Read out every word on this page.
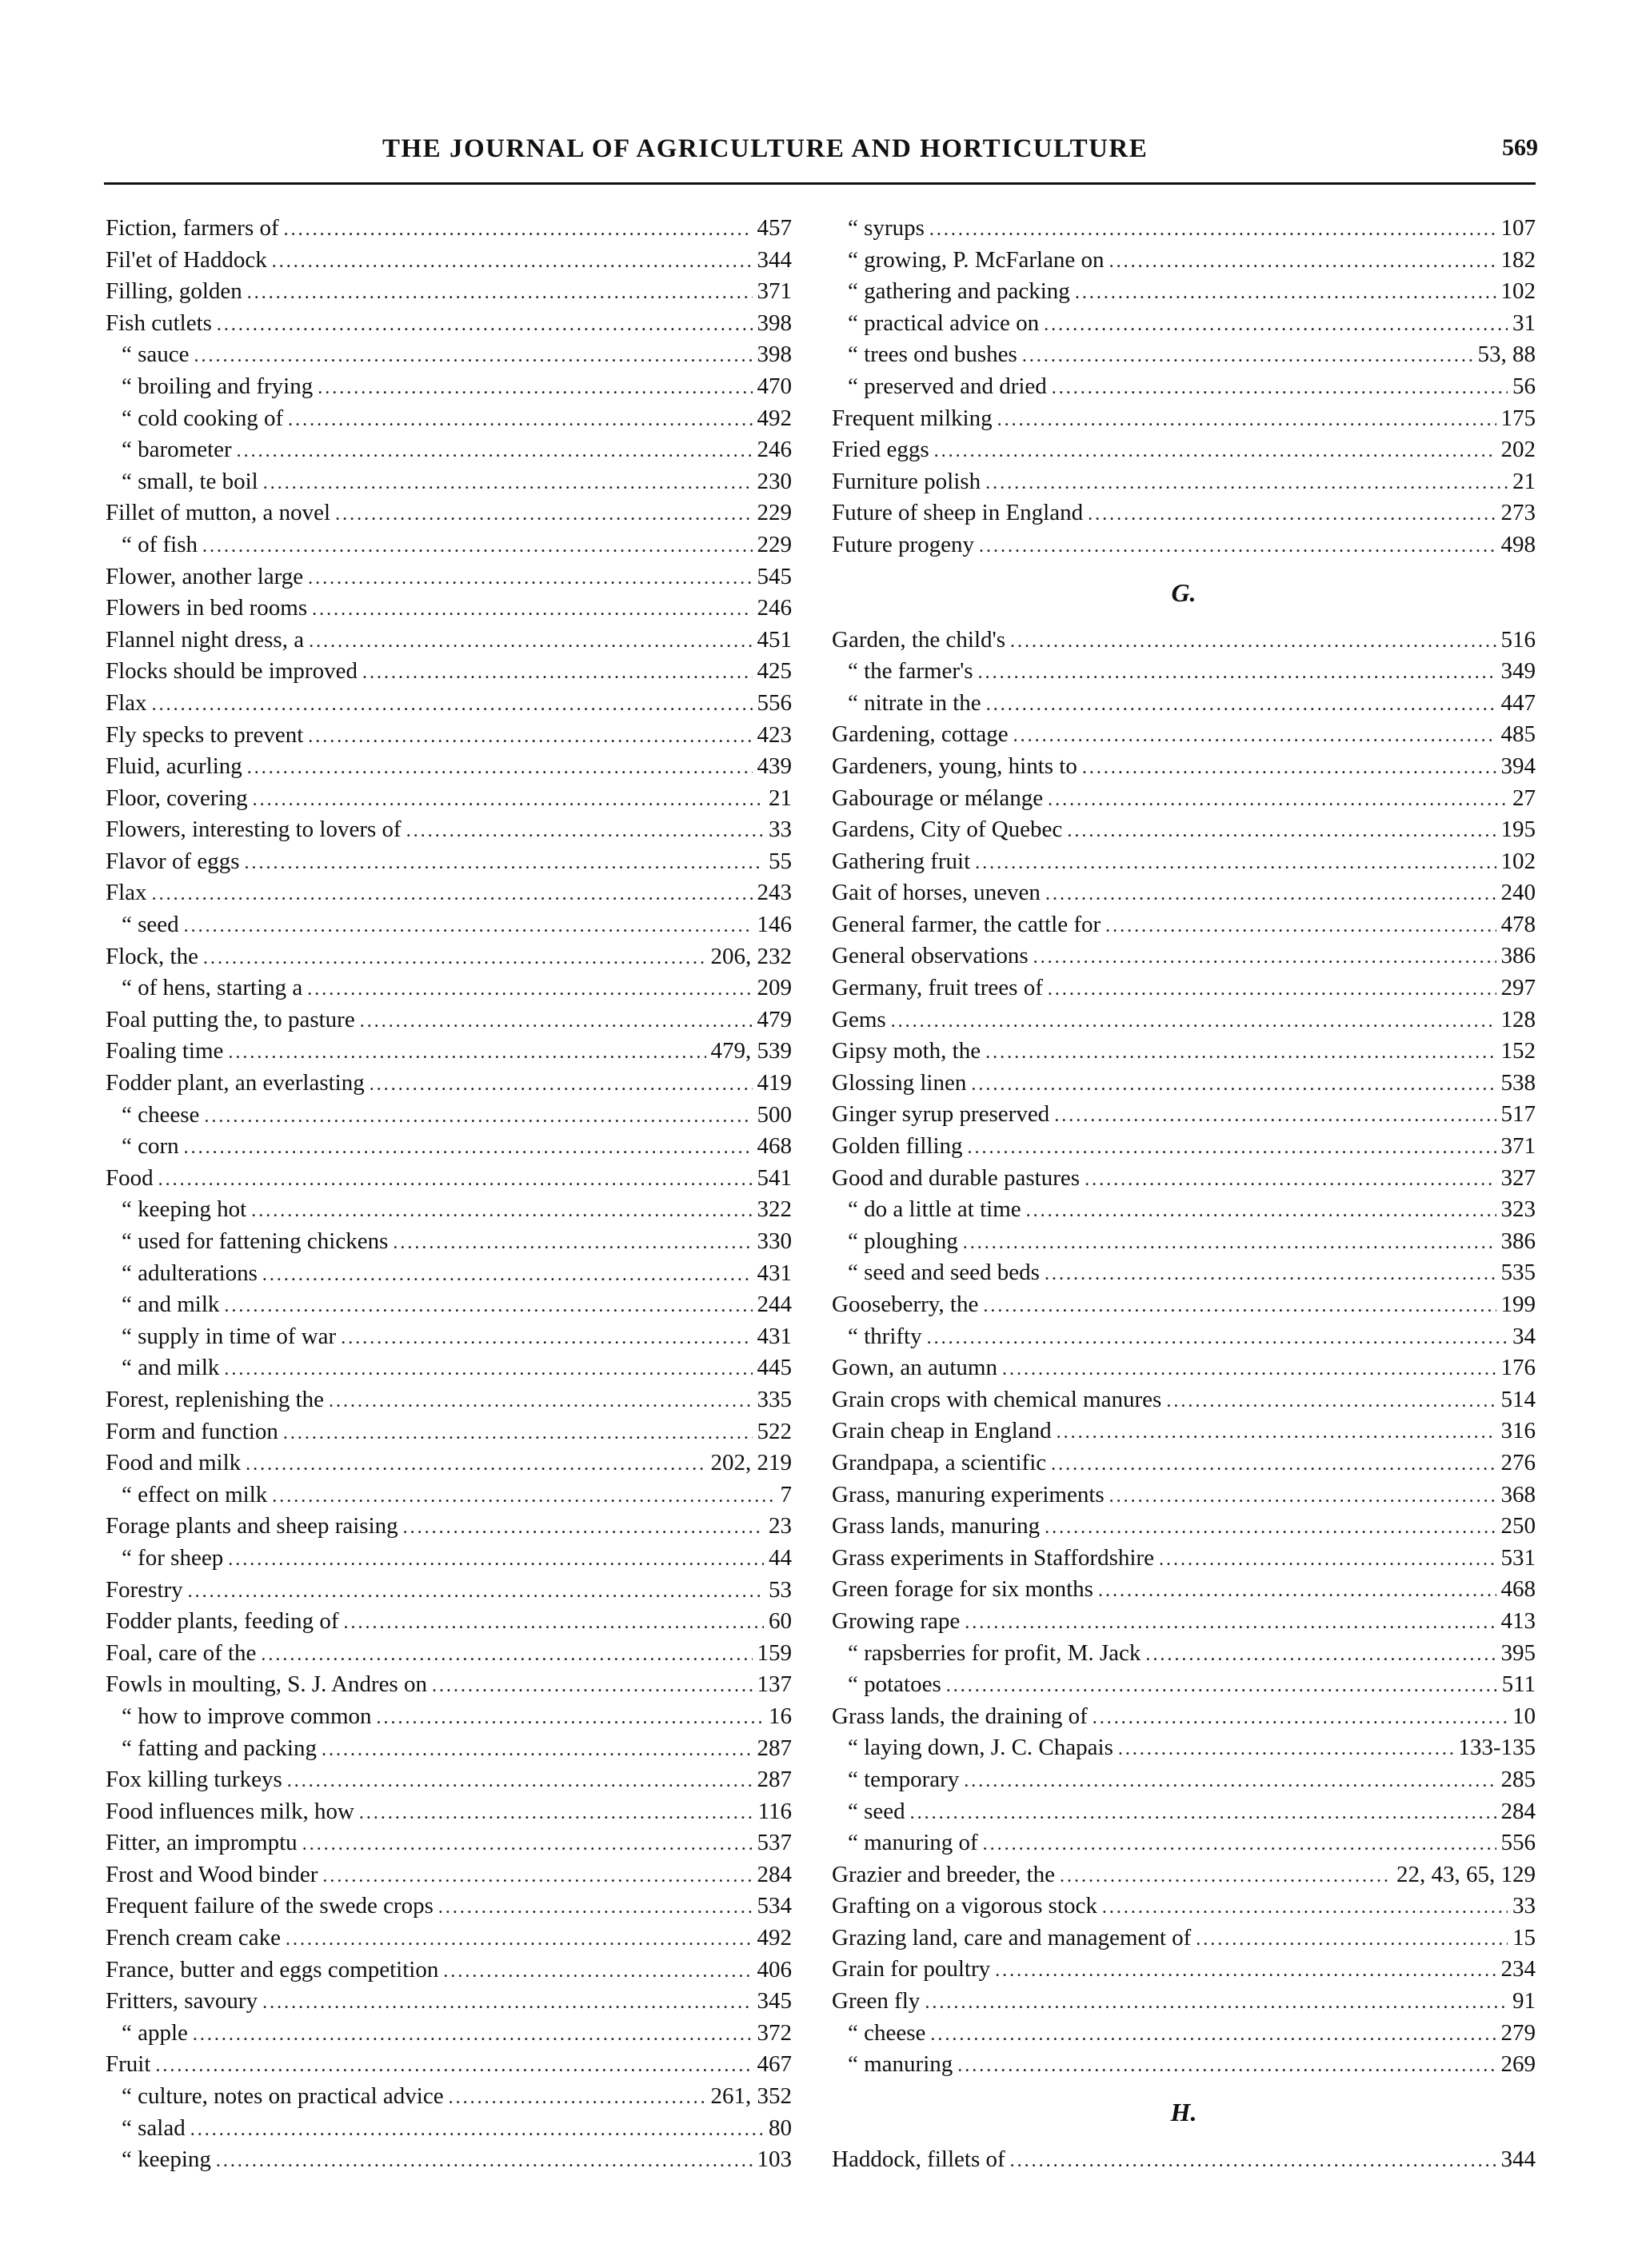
THE JOURNAL OF AGRICULTURE AND HORTICULTURE	569
Fiction, farmers of .....	457
Fil'et of Haddock .....	344
Filling, golden .....	371
Fish cutlets .....	398
“ sauce .....	398
“ broiling and frying .....	470
“ cold cooking of .....	492
“ barometer .....	246
“ small, te boil .....	230
Fillet of mutton, a novel .....	229
“ of fish .....	229
Flower, another large .....	545
Flowers in bed rooms .....	246
Flannel night dress, a .....	451
Flocks should be improved .....	425
Flax .....	556
Fly specks to prevent .....	423
Fluid, acurling .....	439
Floor, covering .....	21
Flowers, interesting to lovers of .....	33
Flavor of eggs .....	55
Flax .....	243
“ seed .....	146
Flock, the .....	206, 232
“ of hens, starting a .....	209
Foal putting the, to pasture .....	479
Foaling time .....	479, 539
Fodder plant, an everlasting .....	419
“ cheese .....	500
“ corn .....	468
Food .....	541
“ keeping hot .....	322
“ used for fattening chickens .....	330
“ adulterations .....	431
“ and milk .....	244
“ supply in time of war .....	431
“ and milk .....	445
Forest, replenishing the .....	335
Form and function .....	522
Food and milk .....	202, 219
“ effect on milk .....	7
Forage plants and sheep raising .....	23
“ for sheep .....	44
Forestry .....	53
Fodder plants, feeding of .....	60
Foal, care of the .....	159
Fowls in moulting, S. J. Andres on .....	137
“ how to improve common .....	16
“ fatting and packing .....	287
Fox killing turkeys .....	287
Food influences milk, how .....	116
Fitter, an impromptu .....	537
Frost and Wood binder .....	284
Frequent failure of the swede crops .....	534
French cream cake .....	492
France, butter and eggs competition .....	406
Fritters, savoury .....	345
“ apple .....	372
Fruit .....	467
“ culture, notes on practical advice .....	261, 352
“ salad .....	80
“ keeping .....	103
“ syrups .....	107
“ growing, P. McFarlane on .....	182
“ gathering and packing .....	102
“ practical advice on .....	31
“ trees ond bushes .....	53, 88
“ preserved and dried .....	56
Frequent milking .....	175
Fried eggs .....	202
Furniture polish .....	21
Future of sheep in England .....	273
Future progeny .....	498
G.
Garden, the child's .....	516
“ the farmer's .....	349
“ nitrate in the .....	447
Gardening, cottage .....	485
Gardeners, young, hints to .....	394
Gabourage or mélange .....	27
Gardens, City of Quebec .....	195
Gathering fruit .....	102
Gait of horses, uneven .....	240
General farmer, the cattle for .....	478
General observations .....	386
Germany, fruit trees of .....	297
Gems .....	128
Gipsy moth, the .....	152
Glossing linen .....	538
Ginger syrup preserved .....	517
Golden filling .....	371
Good and durable pastures .....	327
“ do a little at time .....	323
“ ploughing .....	386
“ seed and seed beds .....	535
Gooseberry, the .....	199
“ thrifty .....	34
Gown, an autumn .....	176
Grain crops with chemical manures .....	514
Grain cheap in England .....	316
Grandpapa, a scientific .....	276
Grass, manuring experiments .....	368
Grass lands, manuring .....	250
Grass experiments in Staffordshire .....	531
Green forage for six months .....	468
Growing rape .....	413
“ rapsberries for profit, M. Jack .....	395
“ potatoes .....	511
Grass lands, the draining of .....	10
“ laying down, J. C. Chapais .....	133-135
“ temporary .....	285
“ seed .....	284
“ manuring of .....	556
Grazier and breeder, the .....	22, 43, 65, 129
Grafting on a vigorous stock .....	33
Grazing land, care and management of .....	15
Grain for poultry .....	234
Green fly .....	91
“ cheese .....	279
“ manuring .....	269
H.
Haddock, fillets of .....	344
